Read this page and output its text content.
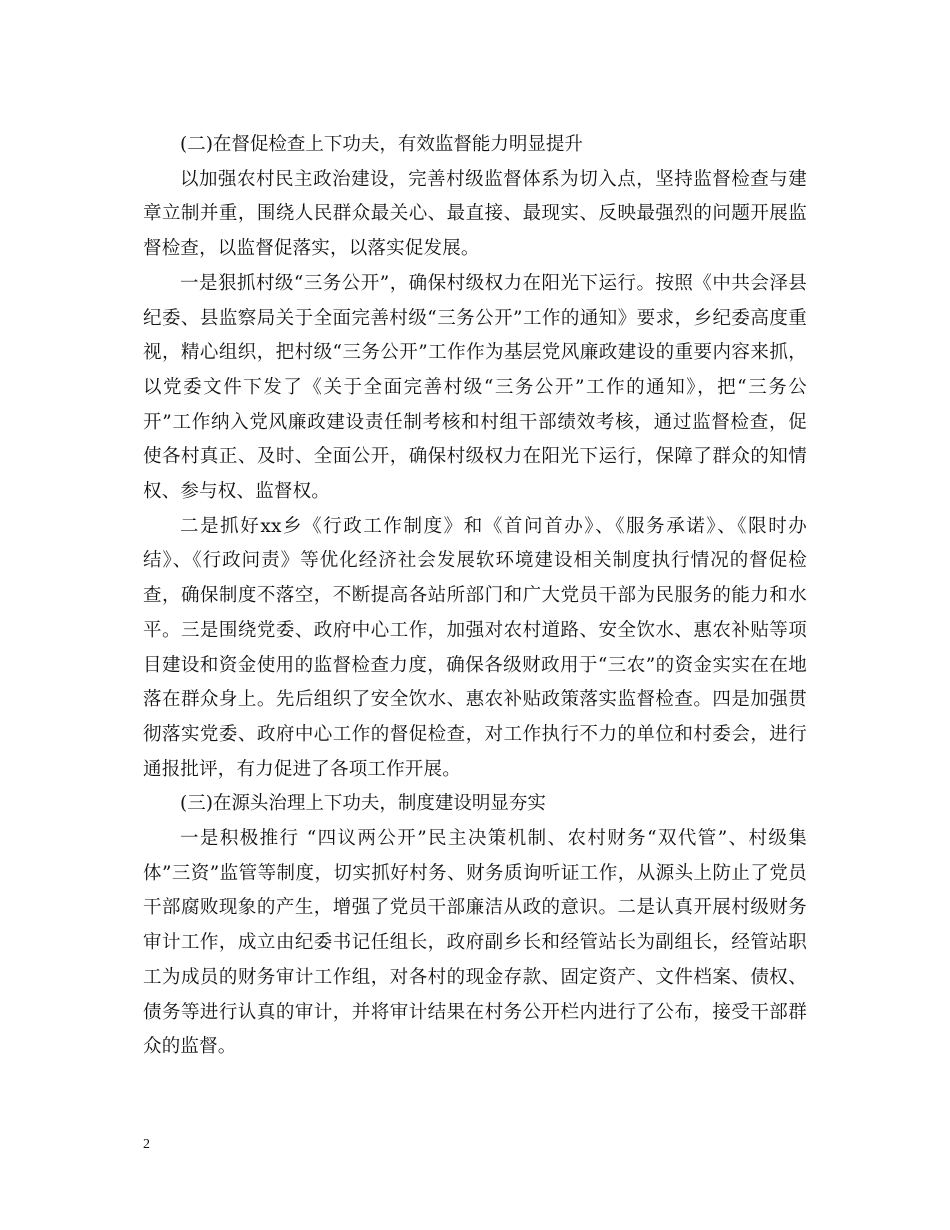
(二)在督促检查上下功夫，有效监督能力明显提升

以加强农村民主政治建设，完善村级监督体系为切入点，坚持监督检查与建章立制并重，围绕人民群众最关心、最直接、最现实、反映最强烈的问题开展监督检查，以监督促落实，以落实促发展。

一是狠抓村级“三务公开”，确保村级权力在阳光下运行。按照《中共会泽县纪委、县监察局关于全面完善村级“三务公开”工作的通知》要求，乡纪委高度重视，精心组织，把村级“三务公开”工作作为基层党风廉政建设的重要内容来抓，以党委文件下发了《关于全面完善村级“三务公开”工作的通知》，把“三务公开”工作纳入党风廉政建设责任制考核和村组干部绩效考核，通过监督检查，促使各村真正、及时、全面公开，确保村级权力在阳光下运行，保障了群众的知情权、参与权、监督权。

二是抓好xx乡《行政工作制度》和《首问首办》、《服务承诺》、《限时办结》、《行政问责》等优化经济社会发展软环境建设相关制度执行情况的督促检查，确保制度不落空，不断提高各站所部门和广大党员干部为民服务的能力和水平。三是围绕党委、政府中心工作，加强对农村道路、安全饮水、惠农补贴等项目建设和资金使用的监督检查力度，确保各级财政用于“三农”的资金实实在在地落在群众身上。先后组织了安全饮水、惠农补贴政策落实监督检查。四是加强贯彻落实党委、政府中心工作的督促检查，对工作执行不力的单位和村委会，进行通报批评，有力促进了各项工作开展。

(三)在源头治理上下功夫，制度建设明显夯实

一是积极推行 “四议两公开”民主决策机制、农村财务“双代管”、村级集体”三资”监管等制度，切实抓好村务、财务质询听证工作，从源头上防止了党员干部腐败现象的产生，增强了党员干部廉洁从政的意识。二是认真开展村级财务审计工作，成立由纪委书记任组长，政府副乡长和经管站长为副组长，经管站职工为成员的财务审计工作组，对各村的现金存款、固定资产、文件档案、债权、债务等进行认真的审计，并将审计结果在村务公开栏内进行了公布，接受干部群众的监督。

2
